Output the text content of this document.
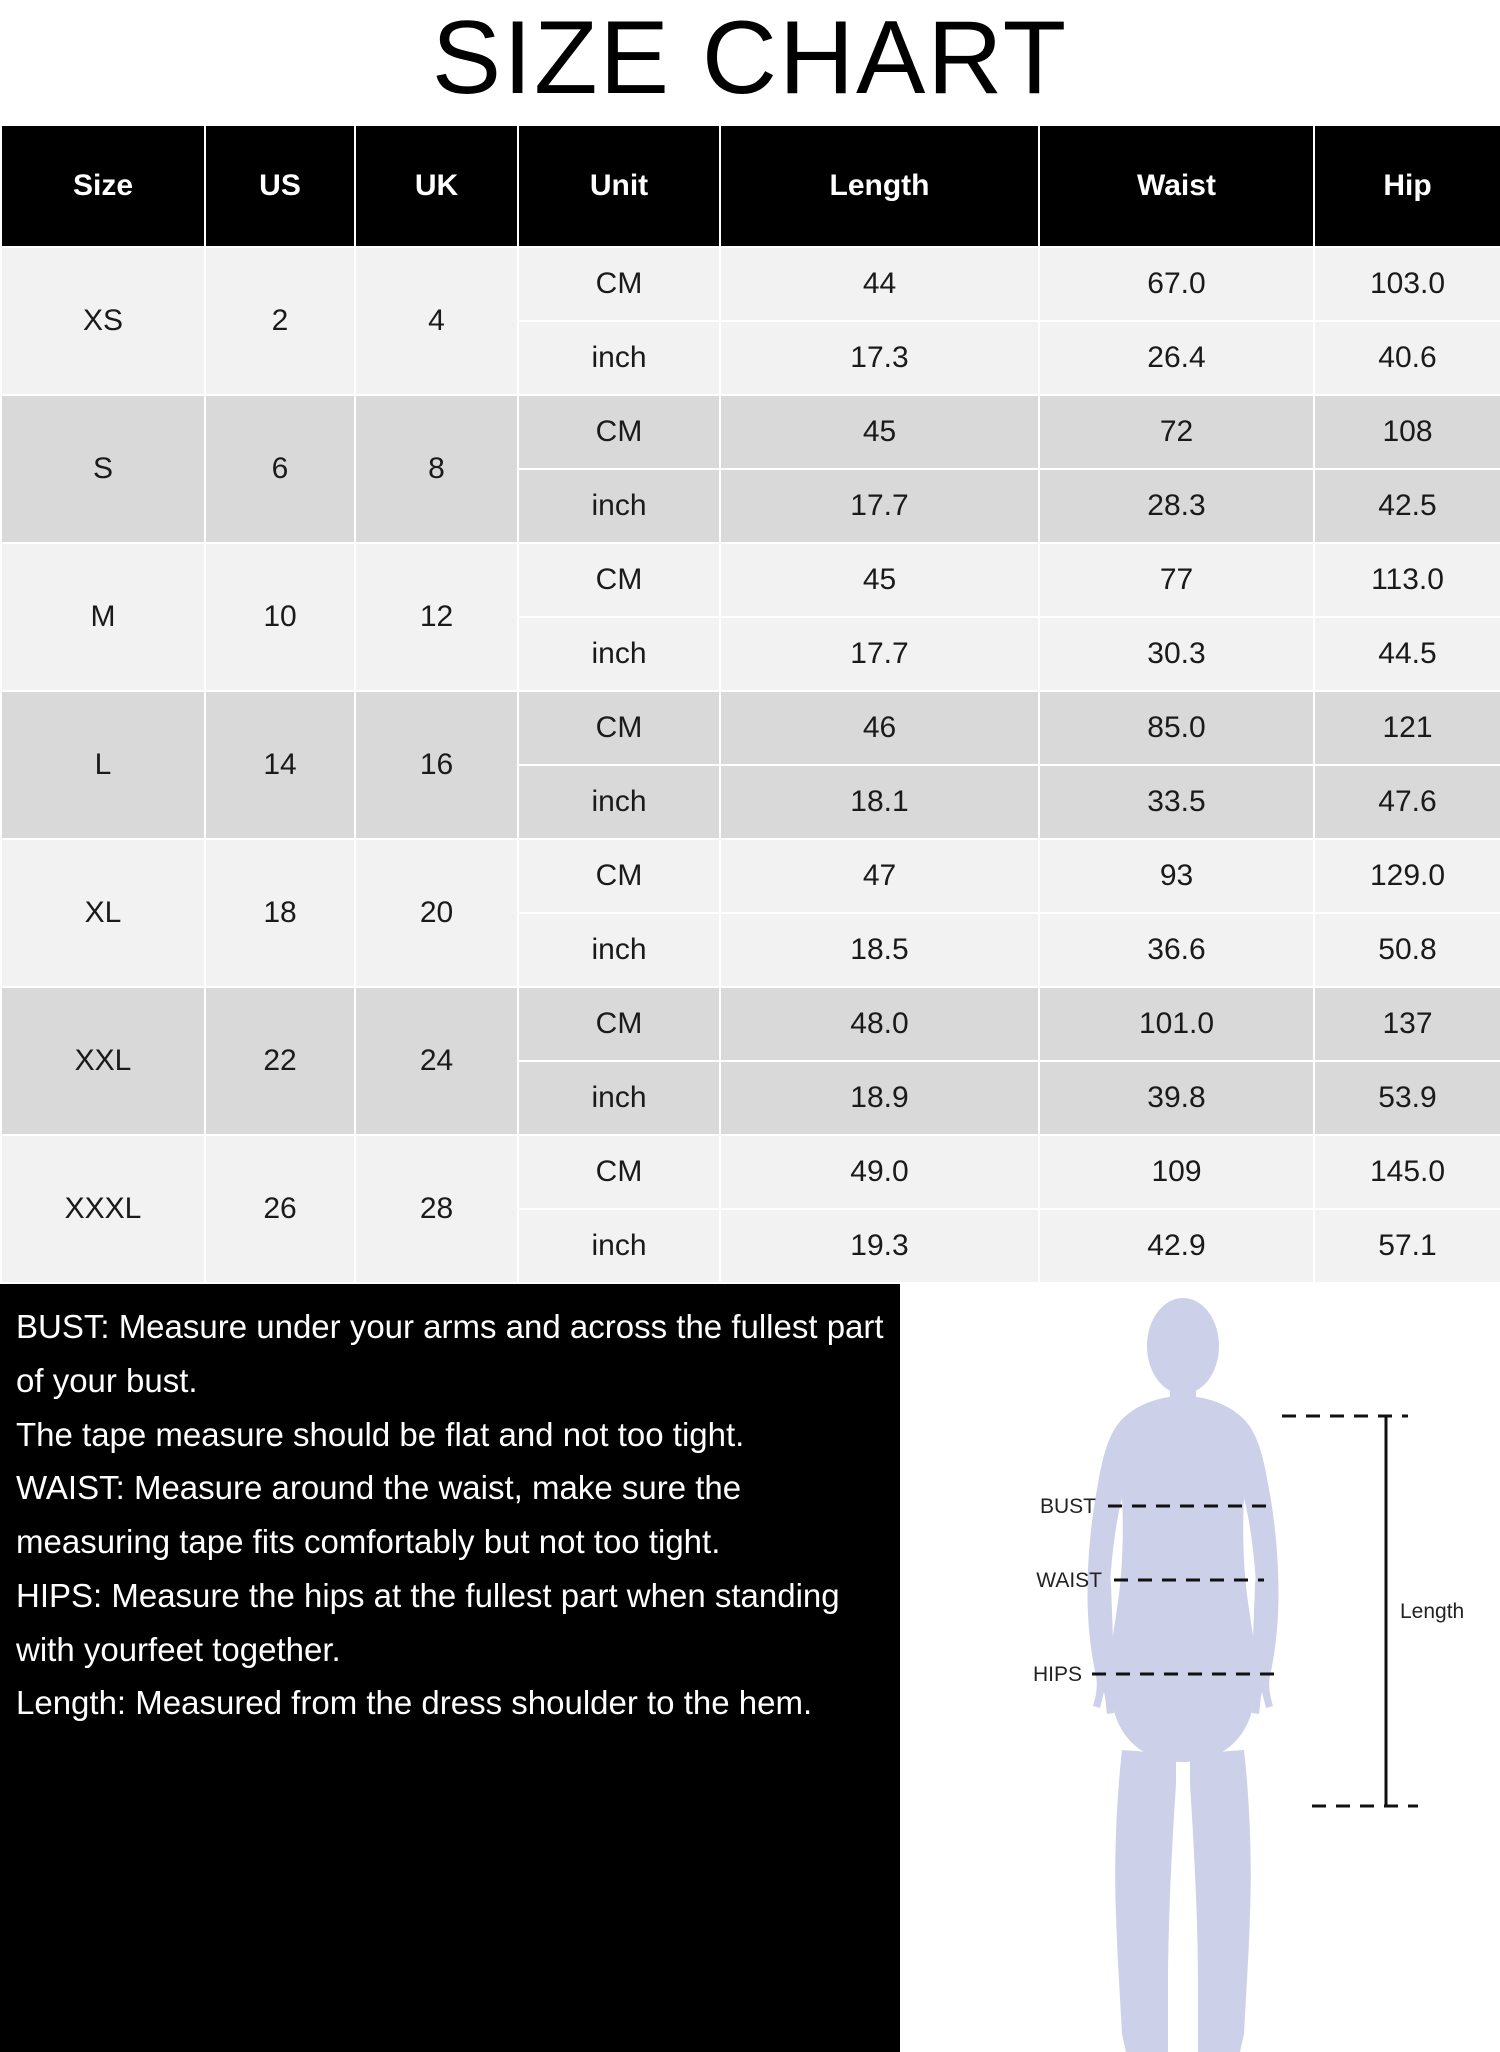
SIZE CHART
Size	US	UK	Unit	Length	Waist	Hip
XS	2	4	CM	44	67.0	103.0
			inch	17.3	26.4	40.6
S	6	8	CM	45	72	108
			inch	17.7	28.3	42.5
M	10	12	CM	45	77	113.0
			inch	17.7	30.3	44.5
L	14	16	CM	46	85.0	121
			inch	18.1	33.5	47.6
XL	18	20	CM	47	93	129.0
			inch	18.5	36.6	50.8
XXL	22	24	CM	48.0	101.0	137
			inch	18.9	39.8	53.9
XXXL	26	28	CM	49.0	109	145.0
			inch	19.3	42.9	57.1

BUST: Measure under your arms and across the fullest part of your bust.

The tape measure should be flat and not too tight.

WAIST: Measure around the waist, make sure the measuring tape fits comfortably but not too tight.

HIPS: Measure the hips at the fullest part when standing with yourfeet together.

Length: Measured from the dress shoulder to the hem.

BUST
WAIST
HIPS
Length
